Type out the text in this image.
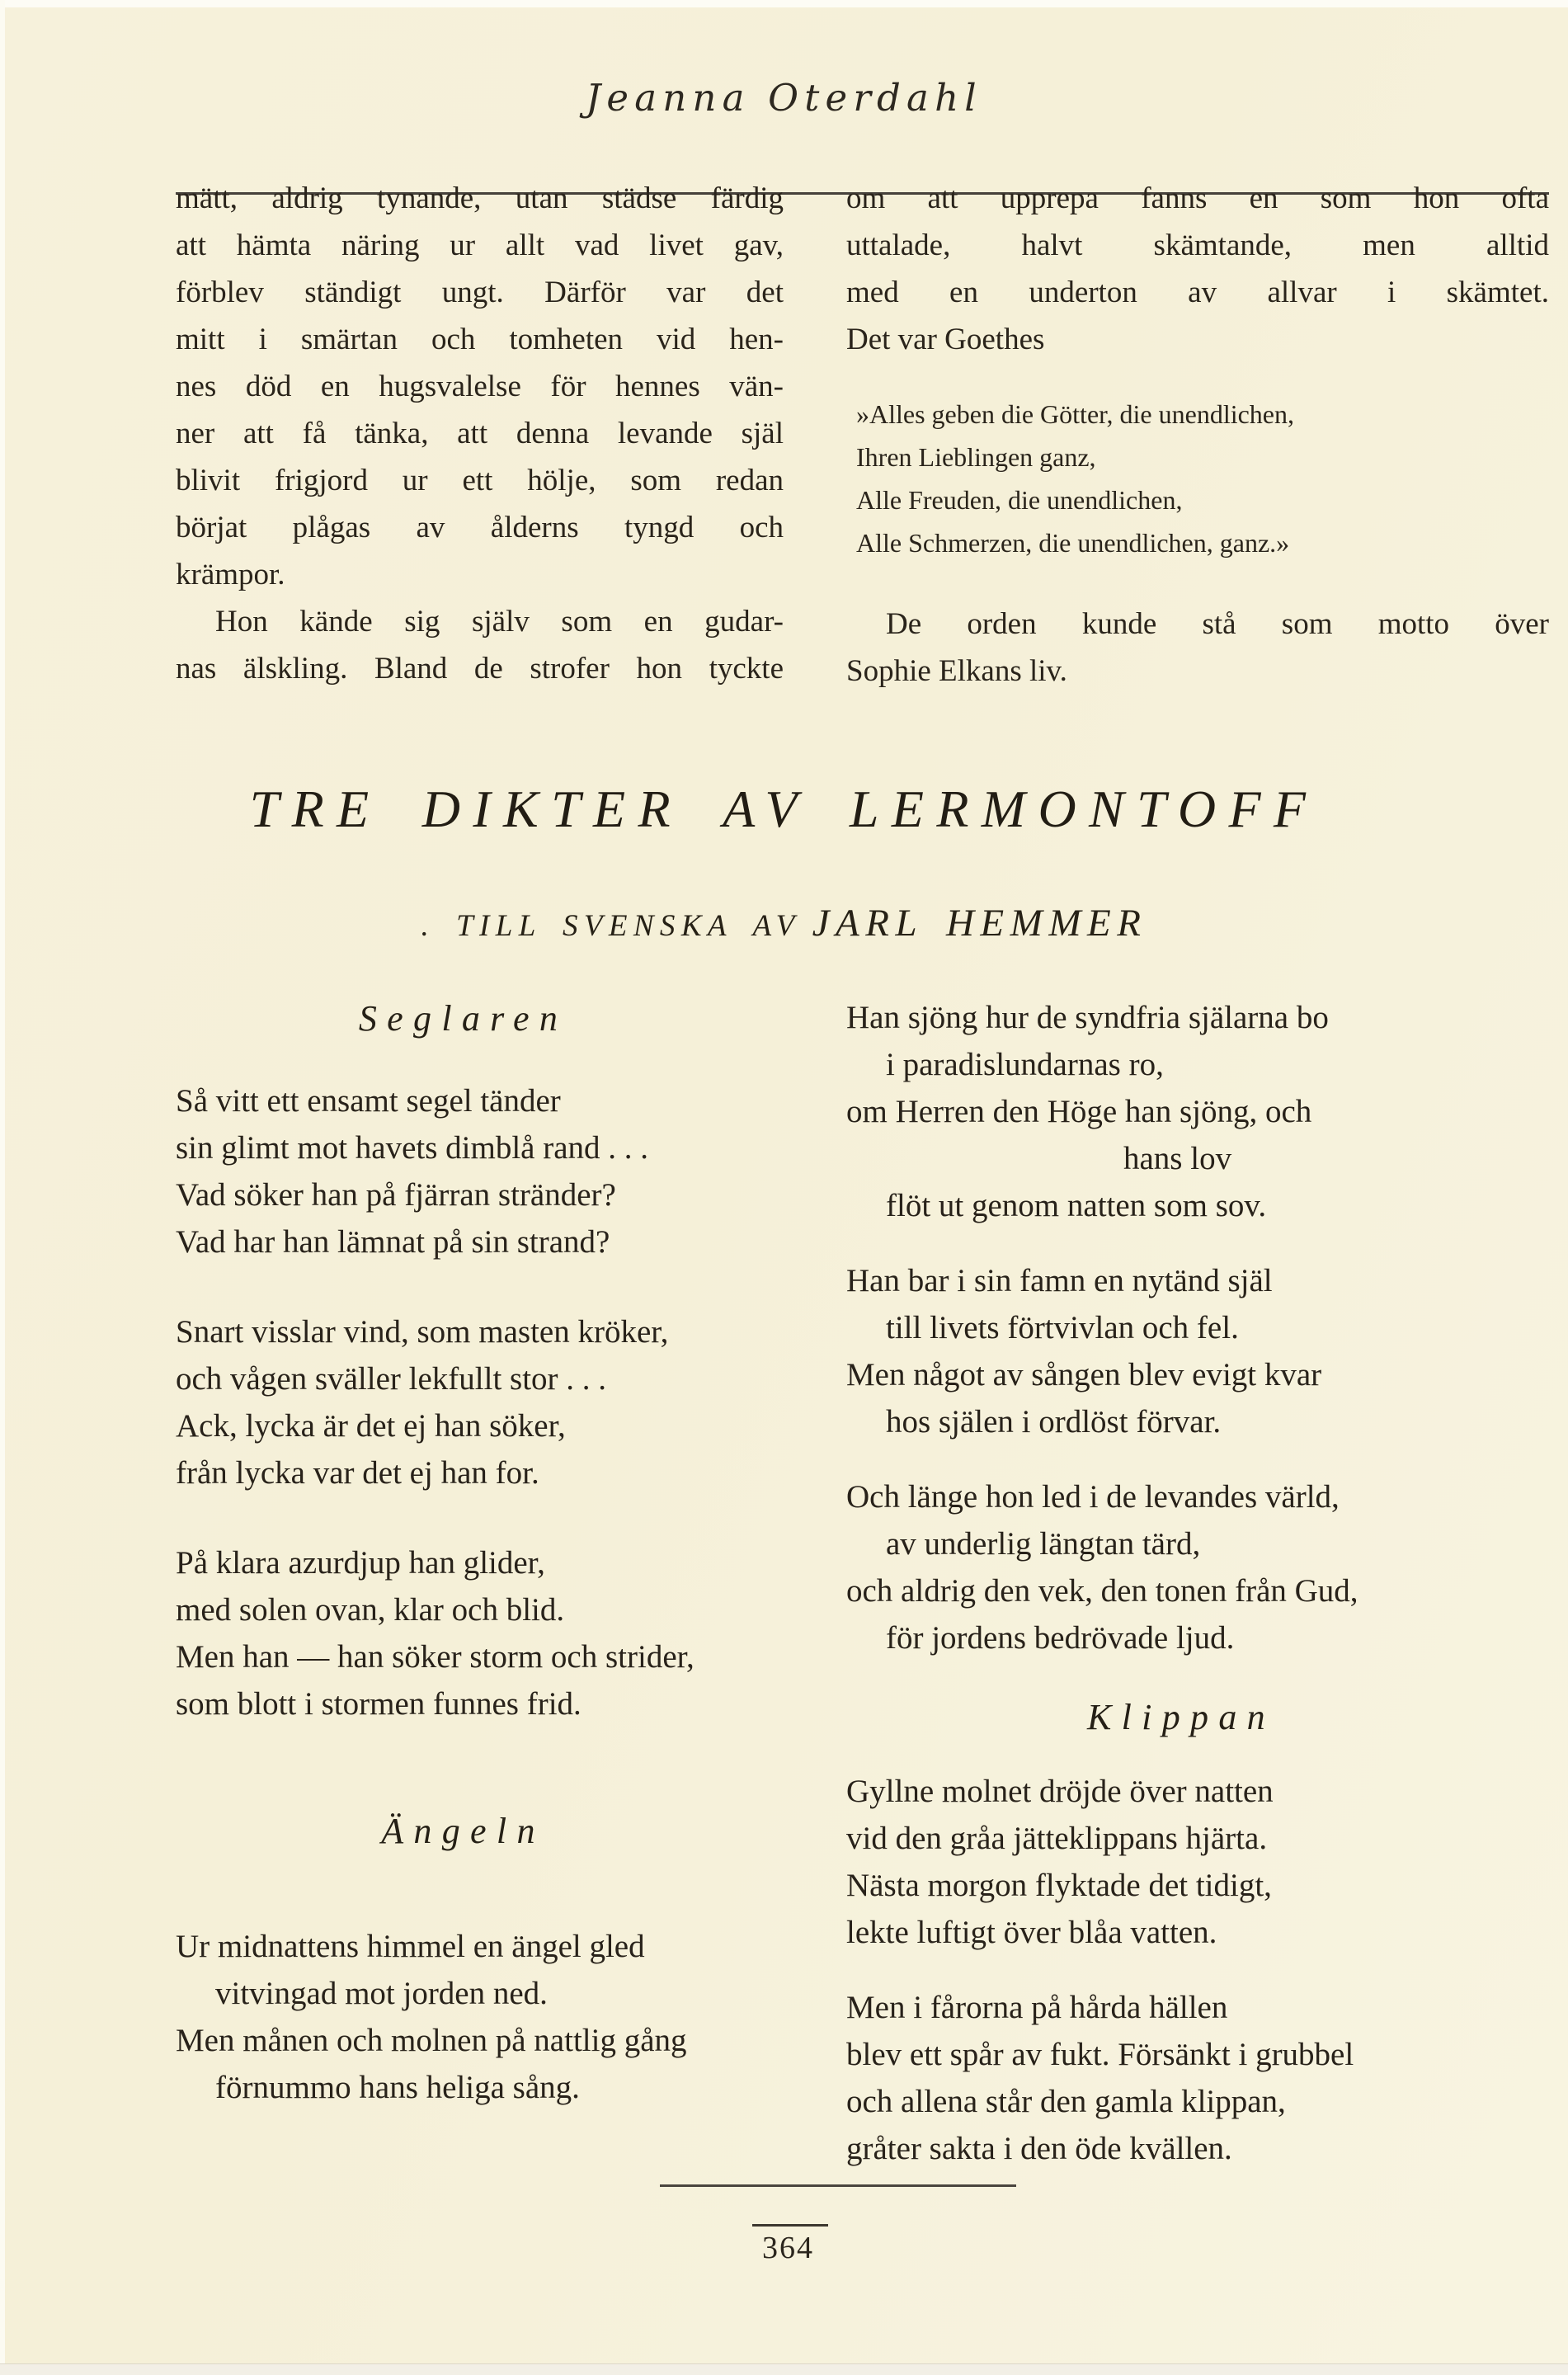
Jeanna Oterdahl
mätt, aldrig tynande, utan städse färdig
att hämta näring ur allt vad livet gav,
förblev ständigt ungt. Därför var det
mitt i smärtan och tomheten vid hen-
nes död en hugsvalelse för hennes vän-
ner att få tänka, att denna levande själ
blivit frigjord ur ett hölje, som redan
börjat plågas av ålderns tyngd och
krämpor.
Hon kände sig själv som en gudar-
nas älskling. Bland de strofer hon tyckte
om att upprepa fanns en som hon ofta
uttalade, halvt skämtande, men alltid
med en underton av allvar i skämtet.
Det var Goethes
»Alles geben die Götter, die unendlichen,
Ihren Lieblingen ganz,
Alle Freuden, die unendlichen,
Alle Schmerzen, die unendlichen, ganz.»
De orden kunde stå som motto över
Sophie Elkans liv.
TRE DIKTER AV LERMONTOFF
. TILL SVENSKA AV JARL HEMMER
Seglaren
Så vitt ett ensamt segel tänder
sin glimt mot havets dimblå rand . . .
Vad söker han på fjärran stränder?
Vad har han lämnat på sin strand?
Snart visslar vind, som masten kröker,
och vågen sväller lekfullt stor . . .
Ack, lycka är det ej han söker,
från lycka var det ej han for.
På klara azurdjup han glider,
med solen ovan, klar och blid.
Men han — han söker storm och strider,
som blott i stormen funnes frid.
Ängeln
Ur midnattens himmel en ängel gled
vitvingad mot jorden ned.
Men månen och molnen på nattlig gång
förnummo hans heliga sång.
Han sjöng hur de syndfria själarna bo
i paradislundarnas ro,
om Herren den Höge han sjöng, och
hans lov
flöt ut genom natten som sov.
Han bar i sin famn en nytänd själ
till livets förtvivlan och fel.
Men något av sången blev evigt kvar
hos själen i ordlöst förvar.
Och länge hon led i de levandes värld,
av underlig längtan tärd,
och aldrig den vek, den tonen från Gud,
för jordens bedrövade ljud.
Klippan
Gyllne molnet dröjde över natten
vid den gråa jätteklippans hjärta.
Nästa morgon flyktade det tidigt,
lekte luftigt över blåa vatten.
Men i fårorna på hårda hällen
blev ett spår av fukt. Försänkt i grubbel
och allena står den gamla klippan,
gråter sakta i den öde kvällen.
364
